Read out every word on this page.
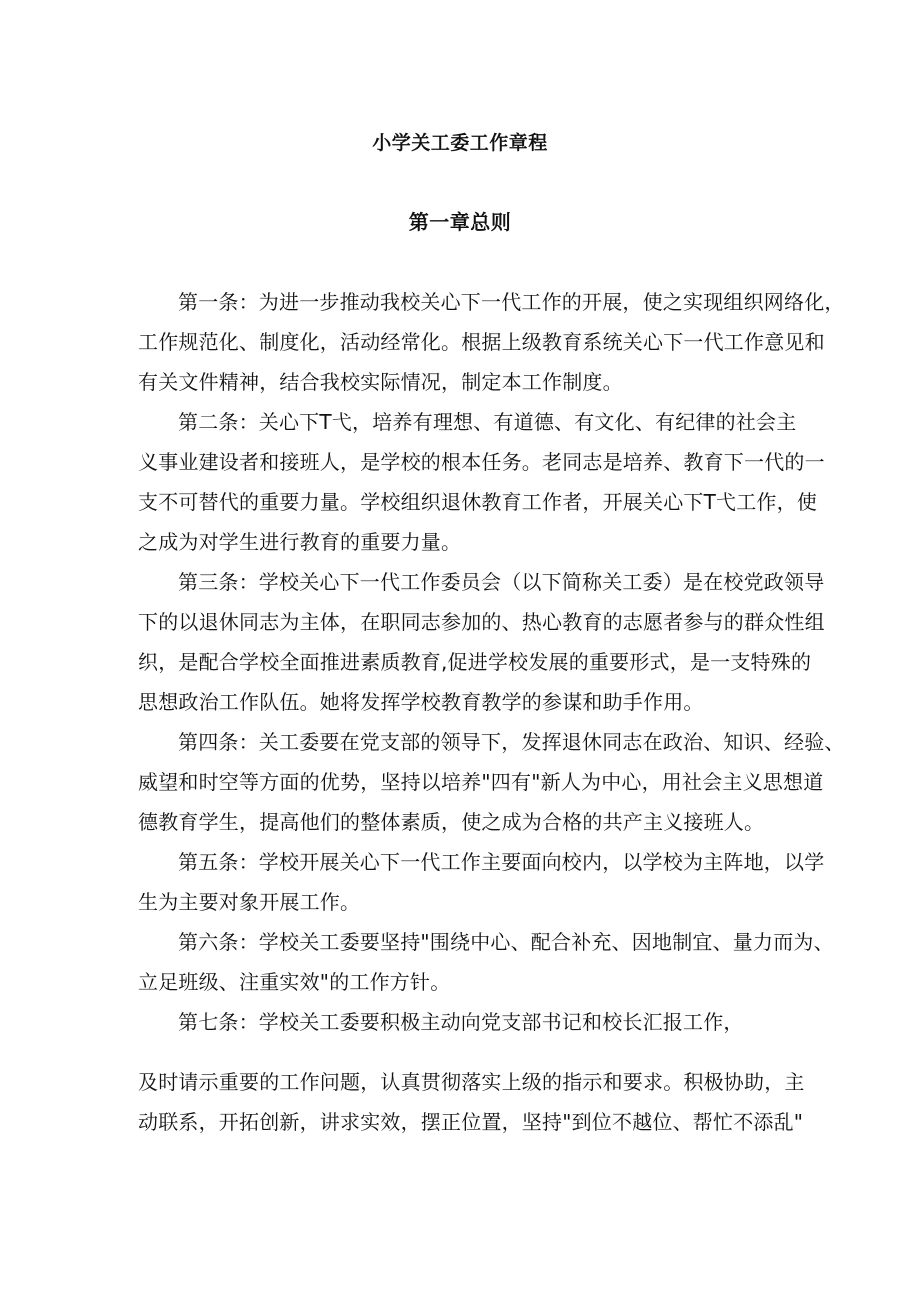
小学关工委工作章程
第一章总则
第一条：为进一步推动我校关心下一代工作的开展，使之实现组织网络化，
工作规范化、制度化，活动经常化。根据上级教育系统关心下一代工作意见和
有关文件精神，结合我校实际情况，制定本工作制度。
第二条：关心下T弋，培养有理想、有道德、有文化、有纪律的社会主
义事业建设者和接班人，是学校的根本任务。老同志是培养、教育下一代的一
支不可替代的重要力量。学校组织退休教育工作者，开展关心下T弋工作，使
之成为对学生进行教育的重要力量。
第三条：学校关心下一代工作委员会（以下简称关工委）是在校党政领导
下的以退休同志为主体，在职同志参加的、热心教育的志愿者参与的群众性组
织，是配合学校全面推进素质教育,促进学校发展的重要形式，是一支特殊的
思想政治工作队伍。她将发挥学校教育教学的参谋和助手作用。
第四条：关工委要在党支部的领导下，发挥退休同志在政治、知识、经验、
威望和时空等方面的优势，坚持以培养"四有"新人为中心，用社会主义思想道
德教育学生，提高他们的整体素质，使之成为合格的共产主义接班人。
第五条：学校开展关心下一代工作主要面向校内，以学校为主阵地，以学
生为主要对象开展工作。
第六条：学校关工委要坚持"围绕中心、配合补充、因地制宜、量力而为、
立足班级、注重实效"的工作方针。
第七条：学校关工委要积极主动向党支部书记和校长汇报工作，
及时请示重要的工作问题，认真贯彻落实上级的指示和要求。积极协助，主
动联系，开拓创新，讲求实效，摆正位置，坚持"到位不越位、帮忙不添乱"
